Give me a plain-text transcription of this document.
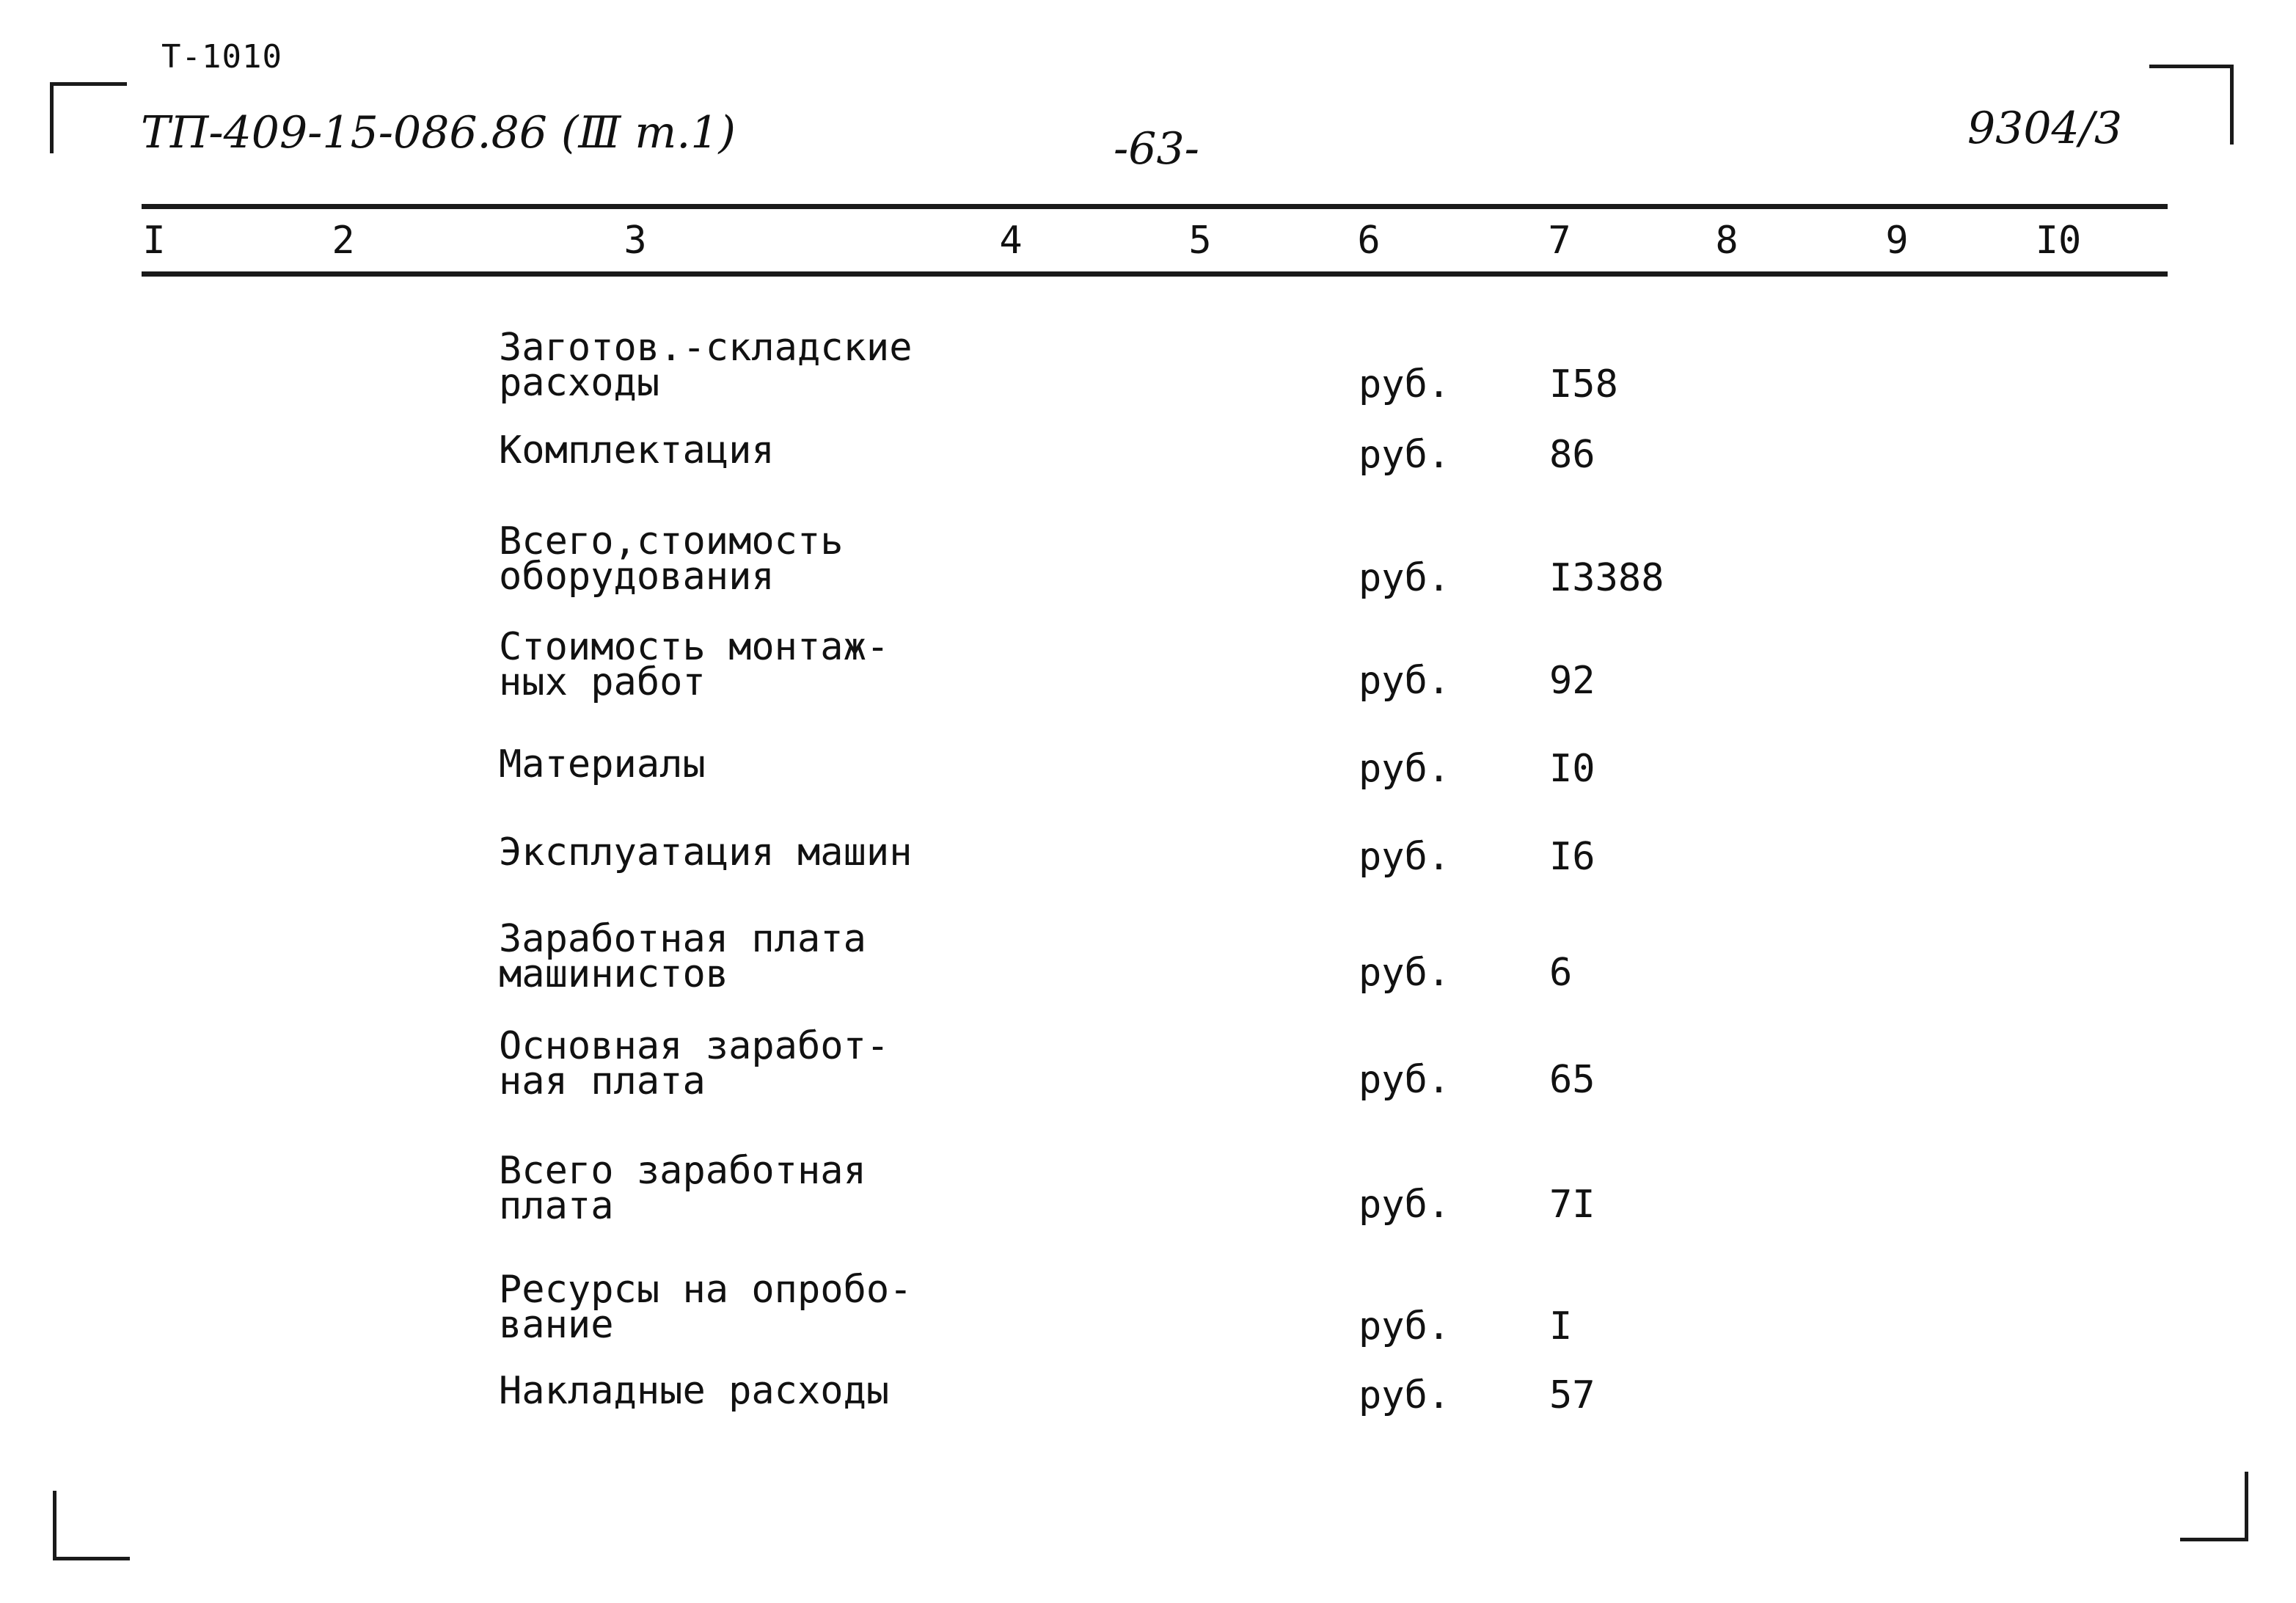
Т-1010
ТП-409-15-086.86 (Ⅲ т.1)	-63-	9304/3
I	2	3	4	5	6	7	8	9	I0
Заготов.-складские
расходы	руб.	I58
Комплектация	руб.	86
Всего,стоимость
оборудования	руб.	I3388
Стоимость монтаж-
ных работ	руб.	92
Материалы	руб.	I0
Эксплуатация машин	руб.	I6
Заработная плата
машинистов	руб.	6
Основная заработ-
ная плата	руб.	65
Всего заработная
плата	руб.	7I
Ресурсы на опробо-
вание	руб.	I
Накладные расходы	руб.	57
